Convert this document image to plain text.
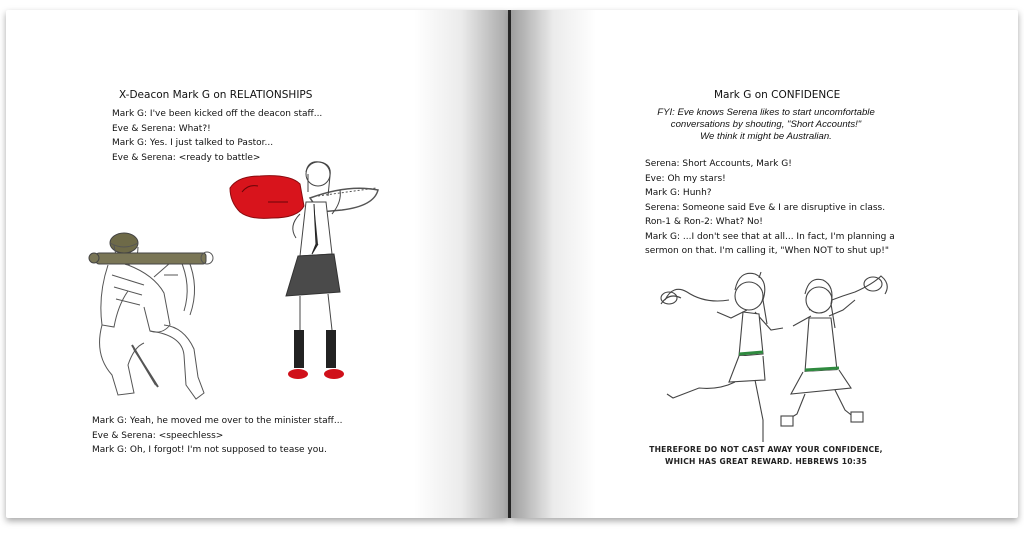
X-Deacon Mark G on RELATIONSHIPS
Mark G: I've been kicked off the deacon staff...
Eve & Serena: What?!
Mark G: Yes. I just talked to Pastor...
Eve & Serena: <ready to battle>
Mark G: Yeah, he moved me over to the minister staff...
Eve & Serena: <speechless>
Mark G: Oh, I forgot! I'm not supposed to tease you.
Mark G on CONFIDENCE
FYI: Eve knows Serena likes to start uncomfortable
conversations by shouting, "Short Accounts!"
We think it might be Australian.
Serena: Short Accounts, Mark G!
Eve: Oh my stars!
Mark G: Hunh?
Serena: Someone said Eve & I are disruptive in class.
Ron-1 & Ron-2: What? No!
Mark G: ...I don't see that at all... In fact, I'm planning a
sermon on that. I'm calling it, "When NOT to shut up!"
THEREFORE DO NOT CAST AWAY YOUR CONFIDENCE,
WHICH HAS GREAT REWARD. HEBREWS 10:35
